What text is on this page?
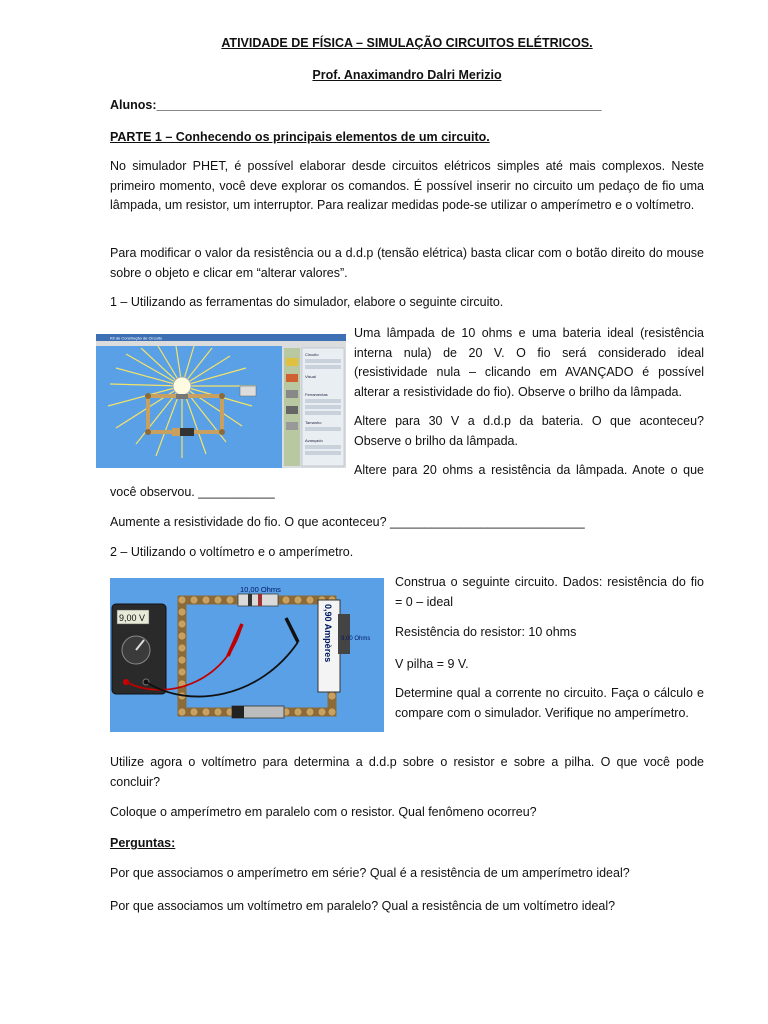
ATIVIDADE DE FÍSICA – SIMULAÇÃO CIRCUITOS ELÉTRICOS.
Prof. Anaximandro Dalri Merizio
Alunos:________________________________________________________________
PARTE 1 – Conhecendo os principais elementos de um circuito.
No simulador PHET, é possível elaborar desde circuitos elétricos simples até mais complexos. Neste primeiro momento, você deve explorar os comandos. É possível inserir no circuito um pedaço de fio uma lâmpada, um resistor, um interruptor. Para realizar medidas pode-se utilizar o amperímetro e o voltímetro.
Para modificar o valor da resistência ou a d.d.p (tensão elétrica) basta clicar com o botão direito do mouse sobre o objeto e clicar em “alterar valores”.
1 – Utilizando as ferramentas do simulador, elabore o seguinte circuito.
Kit de Construção de Circuito
Circuito
Visual
Ferramentas
Tamanho
Avançado
Uma lâmpada de 10 ohms e uma bateria ideal (resistência interna nula) de 20 V. O fio será considerado ideal (resistividade nula – clicando em AVANÇADO é possível alterar a resistividade do fio). Observe o brilho da lâmpada.
Altere para 30 V a d.d.p da bateria. O que aconteceu? Observe o brilho da lâmpada.
Altere para 20 ohms a resistência da lâmpada. Anote o que
você observou. ___________
Aumente a resistividade do fio. O que aconteceu? ____________________________
2 – Utilizando o voltímetro e o amperímetro.
10,00 Ohms
0,90 Ampères 9,00 Ohms
9,00 V
Construa o seguinte circuito. Dados: resistência do fio = 0 – ideal
Resistência do resistor: 10 ohms
V pilha = 9 V.
Determine qual a corrente no circuito. Faça o cálculo e compare com o simulador. Verifique no amperímetro.
Utilize agora o voltímetro para determina a d.d.p sobre o resistor e sobre a pilha. O que você pode concluir?
Coloque o amperímetro em paralelo com o resistor. Qual fenômeno ocorreu?
Perguntas:
Por que associamos o amperímetro em série? Qual é a resistência de um amperímetro ideal?
Por que associamos um voltímetro em paralelo? Qual a resistência de um voltímetro ideal?
